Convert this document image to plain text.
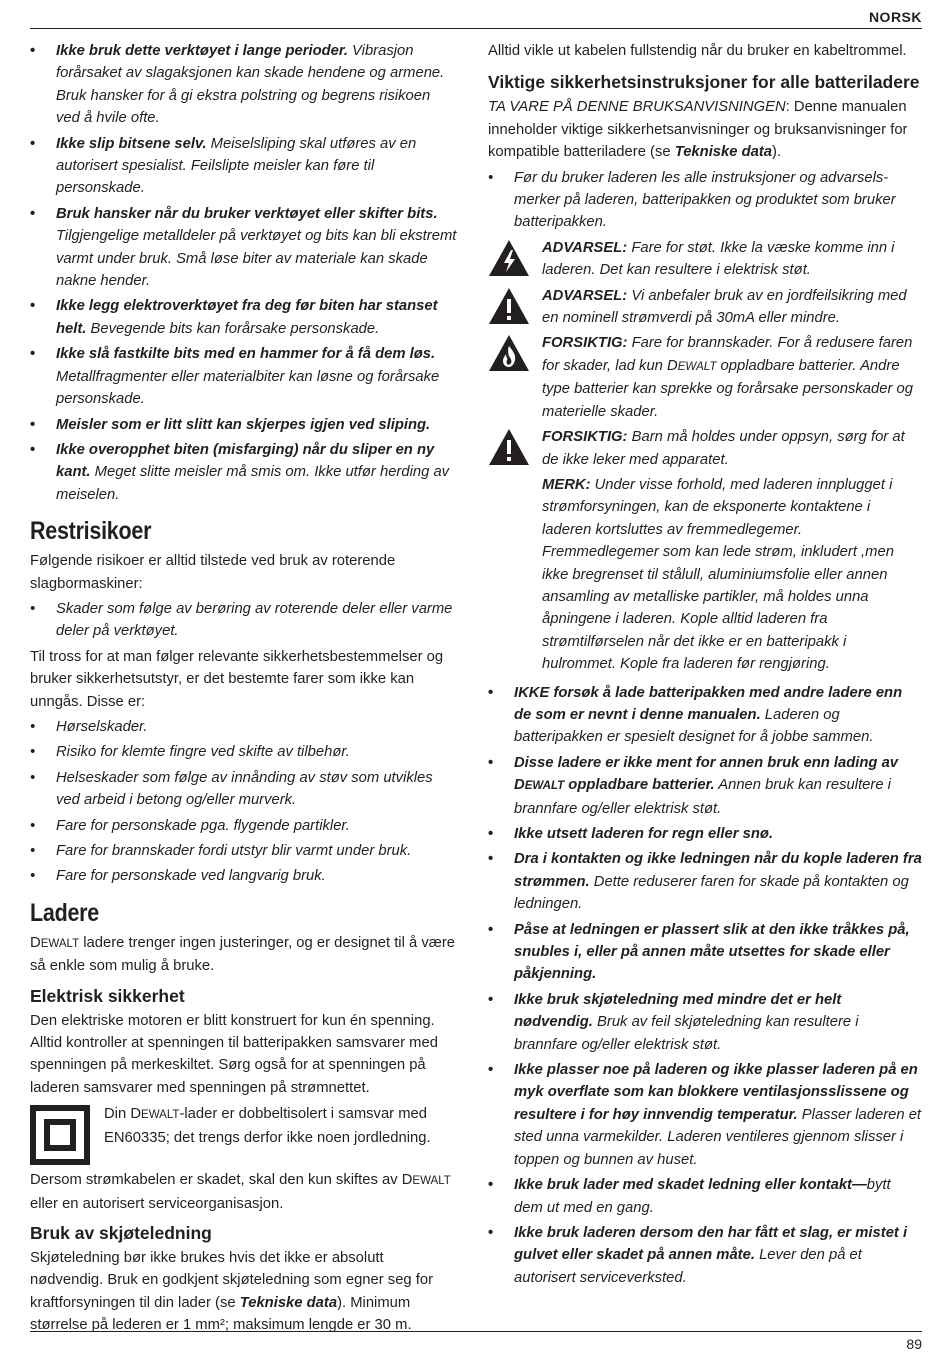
NORSK
• Ikke bruk dette verktøyet i lange perioder. Vibrasjon forårsaket av slagaksjonen kan skade hendene og armene. Bruk hansker for å gi ekstra polstring og begrens risikoen ved å hvile ofte.
• Ikke slip bitsene selv. Meiselsliping skal utføres av en autorisert spesialist. Feilslipte meisler kan føre til personskade.
• Bruk hansker når du bruker verktøyet eller skifter bits. Tilgjengelige metalldeler på verktøyet og bits kan bli ekstremt varmt under bruk. Små løse biter av materiale kan skade nakne hender.
• Ikke legg elektroverktøyet fra deg før biten har stanset helt. Bevegende bits kan forårsake personskade.
• Ikke slå fastkilte bits med en hammer for å få dem løs. Metallfragmenter eller materialbiter kan løsne og forårsake personskade.
• Meisler som er litt slitt kan skjerpes igjen ved sliping.
• Ikke overopphet biten (misfarging) når du sliper en ny kant. Meget slitte meisler må smis om. Ikke utfør herding av meiselen.
Restrisikoer

Følgende risikoer er alltid tilstede ved bruk av roterende slagbormaskiner:

• Skader som følge av berøring av roterende deler eller varme deler på verktøyet.

Til tross for at man følger relevante sikkerhetsbestemmelser og bruker sikkerhetsutstyr, er det bestemte farer som ikke kan unngås. Disse er:

• Hørselskader.
• Risiko for klemte fingre ved skifte av tilbehør.
• Helseskader som følge av innånding av støv som utvikles ved arbeid i betong og/eller murverk.
• Fare for personskade pga. flygende partikler.
• Fare for brannskader fordi utstyr blir varmt under bruk.
• Fare for personskade ved langvarig bruk.
Ladere

DEWALT ladere trenger ingen justeringer, og er designet til å være så enkle som mulig å bruke.

Elektrisk sikkerhet

Den elektriske motoren er blitt konstruert for kun én spenning. Alltid kontroller at spenningen til batteripakken samsvarer med spenningen på merkeskiltet. Sørg også for at spenningen på laderen samsvarer med spenningen på strømnettet.

Din DEWALT-lader er dobbeltisolert i samsvar med EN60335; det trengs derfor ikke noen jordledning.

Dersom strømkabelen er skadet, skal den kun skiftes av DEWALT eller en autorisert serviceorganisasjon.

Bruk av skjøteledning

Skjøteledning bør ikke brukes hvis det ikke er absolutt nødvendig. Bruk en godkjent skjøteledning som egner seg for kraftforsyningen til din lader (se Tekniske data). Minimum størrelse på lederen er 1 mm²; maksimum lengde er 30 m.

Alltid vikle ut kabelen fullstendig når du bruker en kabeltrommel.

Viktige sikkerhetsinstruksjoner for alle batteriladere

TA VARE PÅ DENNE BRUKSANVISNINGEN: Denne manualen inneholder viktige sikkerhetsanvisninger og bruksanvisninger for kompatible batteriladere (se Tekniske data).

• Før du bruker laderen les alle instruksjoner og advarsels-merker på laderen, batteripakken og produktet som bruker batteripakken.
ADVARSEL: Fare for støt. Ikke la væske komme inn i laderen. Det kan resultere i elektrisk støt.
ADVARSEL: Vi anbefaler bruk av en jordfeilsikring med en nominell strømverdi på 30mA eller mindre.
FORSIKTIG: Fare for brannskader. For å redusere faren for skader, lad kun DEWALT oppladbare batterier. Andre type batterier kan sprekke og forårsake personskader og materielle skader.
FORSIKTIG: Barn må holdes under oppsyn, sørg for at de ikke leker med apparatet.
MERK: Under visse forhold, med laderen innplugget i strømforsyningen, kan de eksponerte kontaktene i laderen kortsluttes av fremmedlegemer. Fremmedlegemer som kan lede strøm, inkludert ,men ikke bregrenset til stålull, aluminiumsfolie eller annen ansamling av metalliske partikler, må holdes unna åpningene i laderen. Kople alltid laderen fra strømtilførselen når det ikke er en batteripakk i hulrommet. Kople fra laderen før rengjøring.
• IKKE forsøk å lade batteripakken med andre ladere enn de som er nevnt i denne manualen. Laderen og batteripakken er spesielt designet for å jobbe sammen.
• Disse ladere er ikke ment for annen bruk enn lading av DEWALT oppladbare batterier. Annen bruk kan resultere i brannfare og/eller elektrisk støt.
• Ikke utsett laderen for regn eller snø.
• Dra i kontakten og ikke ledningen når du kople laderen fra strømmen. Dette reduserer faren for skade på kontakten og ledningen.
• Påse at ledningen er plassert slik at den ikke tråkkes på, snubles i, eller på annen måte utsettes for skade eller påkjenning.
• Ikke bruk skjøteledning med mindre det er helt nødvendig. Bruk av feil skjøteledning kan resultere i brannfare og/eller elektrisk støt.
• Ikke plasser noe på laderen og ikke plasser laderen på en myk overflate som kan blokkere ventilasjonsslissene og resultere i for høy innvendig temperatur. Plasser laderen et sted unna varmekilder. Laderen ventileres gjennom slisser i toppen og bunnen av huset.
• Ikke bruk lader med skadet ledning eller kontakt—bytt dem ut med en gang.
• Ikke bruk laderen dersom den har fått et slag, er mistet i gulvet eller skadet på annen måte. Lever den på et autorisert serviceverksted.
89
